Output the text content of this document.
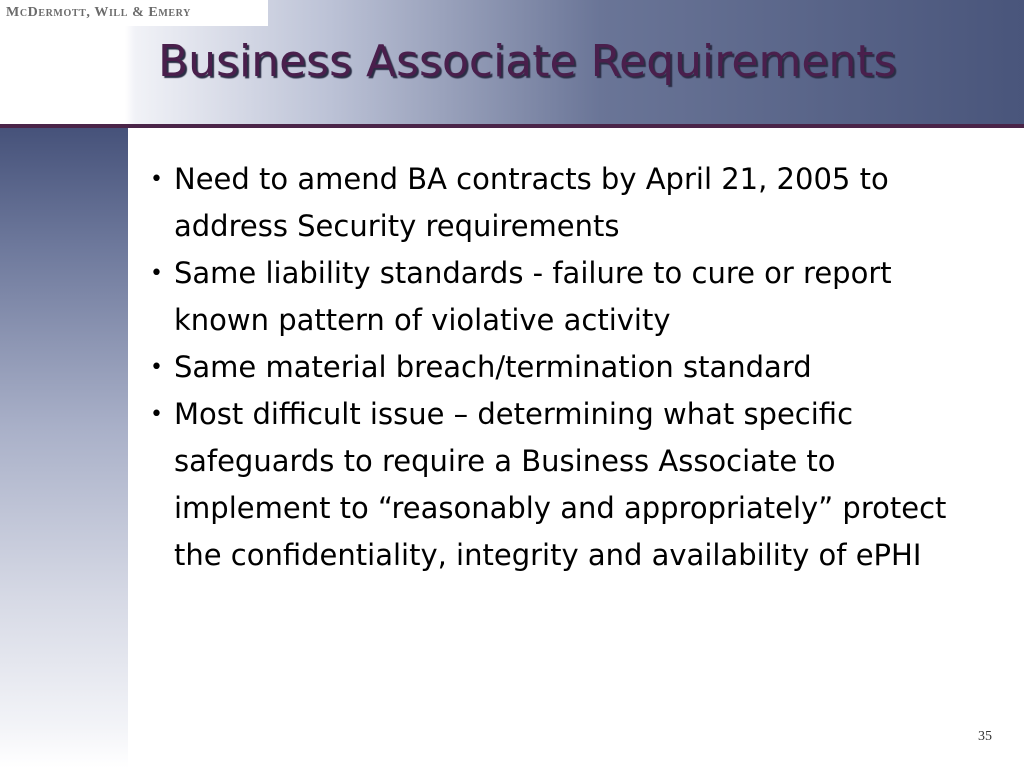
McDermott, Will & Emery
Business Associate Requirements
• Need to amend BA contracts by April 21, 2005 to address Security requirements
• Same liability standards - failure to cure or report known pattern of violative activity
• Same material breach/termination standard
• Most difficult issue – determining what specific safeguards to require a Business Associate to implement to “reasonably and appropriately” protect the confidentiality, integrity and availability of ePHI
35
